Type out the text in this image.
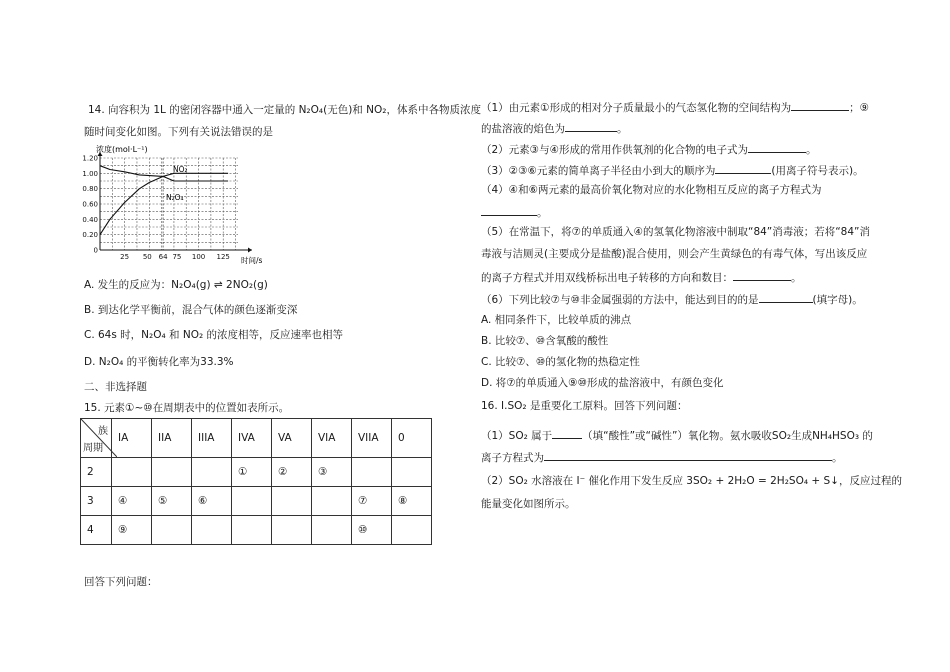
14. 向容积为 1L 的密闭容器中通入一定量的 N₂O₄(无色)和 NO₂，体系中各物质浓度
随时间变化如图。下列有关说法错误的是
1.20
1.00
0.80
0.60
0.40
0.20
0
25 50 64 75 100 125
浓度(mol·L⁻¹)
时间/s
NO₂
N₂O₄
A. 发生的反应为：N₂O₄(g) ⇌ 2NO₂(g)
B. 到达化学平衡前，混合气体的颜色逐渐变深
C. 64s 时，N₂O₄ 和 NO₂ 的浓度相等，反应速率也相等
D. N₂O₄ 的平衡转化率为33.3%
二、非选择题
15. 元素①~⑩在周期表中的位置如表所示。
族
周期	IA	IIA	IIIA	IVA	VA	VIA	VIIA	0
2				①	②	③		
3	④	⑤	⑥				⑦	⑧
4	⑨						⑩	
回答下列问题：
（1）由元素①形成的相对分子质量最小的气态氢化物的空间结构为	；⑨
的盐溶液的焰色为	。
（2）元素③与④形成的常用作供氧剂的化合物的电子式为	。
（3）②③⑥元素的简单离子半径由小到大的顺序为	(用离子符号表示)。
（4）④和⑥两元素的最高价氧化物对应的水化物相互反应的离子方程式为
。
（5）在常温下，将⑦的单质通入④的氢氧化物溶液中制取“84”消毒液；若将“84”消
毒液与洁厕灵(主要成分是盐酸)混合使用，则会产生黄绿色的有毒气体，写出该反应
的离子方程式并用双线桥标出电子转移的方向和数目：	。
（6）下列比较⑦与⑩非金属强弱的方法中，能达到目的的是	(填字母)。
A. 相同条件下，比较单质的沸点
B. 比较⑦、⑩含氧酸的酸性
C. 比较⑦、⑩的氢化物的热稳定性
D. 将⑦的单质通入⑨⑩形成的盐溶液中，有颜色变化
16. I.SO₂ 是重要化工原料。回答下列问题：
（1）SO₂ 属于	（填“酸性”或“碱性”）氧化物。氨水吸收SO₂生成NH₄HSO₃ 的
离子方程式为	。
（2）SO₂ 水溶液在 I⁻ 催化作用下发生反应 3SO₂ + 2H₂O = 2H₂SO₄ + S↓，反应过程的
能量变化如图所示。
